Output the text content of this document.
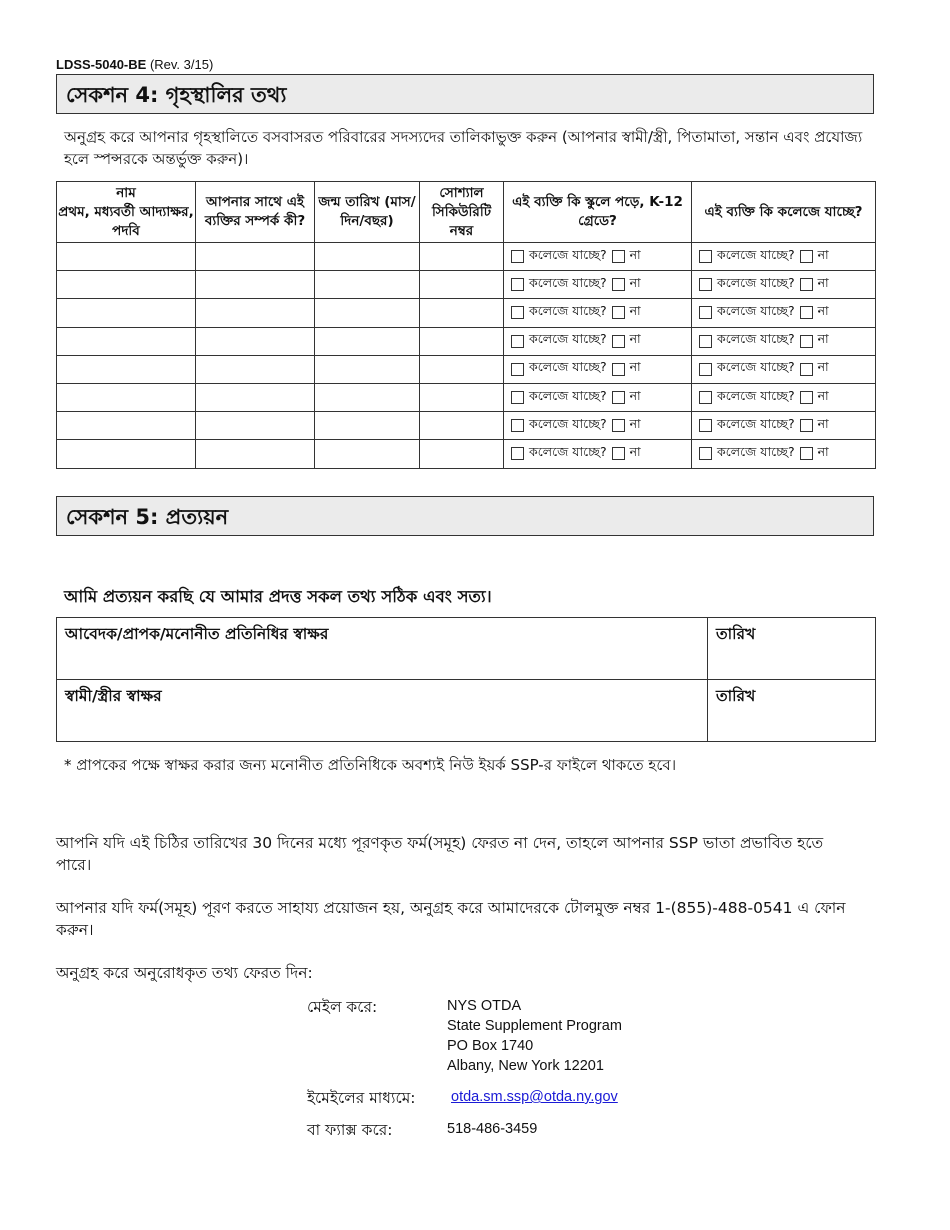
LDSS-5040-BE (Rev. 3/15)
সেকশন 4: গৃহস্থালির তথ্য
অনুগ্রহ করে আপনার গৃহস্থালিতে বসবাসরত পরিবারের সদস্যদের তালিকাভুক্ত করুন (আপনার স্বামী/স্ত্রী, পিতামাতা, সন্তান এবং প্রযোজ্য হলে স্পন্সরকে অন্তর্ভুক্ত করুন)।
নাম
প্রথম, মধ্যবর্তী আদ্যাক্ষর, পদবি	আপনার সাথে এই ব্যক্তির সম্পর্ক কী?	জন্ম তারিখ (মাস/দিন/বছর)	সোশ্যাল সিকিউরিটি নম্বর	এই ব্যক্তি কি স্কুলে পড়ে, K-12 গ্রেডে?	এই ব্যক্তি কি কলেজে যাচ্ছে?
				কলেজে যাচ্ছে? না	কলেজে যাচ্ছে? না
				কলেজে যাচ্ছে? না	কলেজে যাচ্ছে? না
				কলেজে যাচ্ছে? না	কলেজে যাচ্ছে? না
				কলেজে যাচ্ছে? না	কলেজে যাচ্ছে? না
				কলেজে যাচ্ছে? না	কলেজে যাচ্ছে? না
				কলেজে যাচ্ছে? না	কলেজে যাচ্ছে? না
				কলেজে যাচ্ছে? না	কলেজে যাচ্ছে? না
				কলেজে যাচ্ছে? না	কলেজে যাচ্ছে? না
সেকশন 5: প্রত্যয়ন
আমি প্রত্যয়ন করছি যে আমার প্রদত্ত সকল তথ্য সঠিক এবং সত্য।
আবেদক/প্রাপক/মনোনীত প্রতিনিধির স্বাক্ষর	তারিখ
স্বামী/স্ত্রীর স্বাক্ষর	তারিখ
* প্রাপকের পক্ষে স্বাক্ষর করার জন্য মনোনীত প্রতিনিধিকে অবশ্যই নিউ ইয়র্ক SSP-র ফাইলে থাকতে হবে।
আপনি যদি এই চিঠির তারিখের 30 দিনের মধ্যে পূরণকৃত ফর্ম(সমূহ) ফেরত না দেন, তাহলে আপনার SSP ভাতা প্রভাবিত হতে পারে।
আপনার যদি ফর্ম(সমূহ) পূরণ করতে সাহায্য প্রয়োজন হয়, অনুগ্রহ করে আমাদেরকে টোলমুক্ত নম্বর 1-(855)-488-0541 এ ফোন করুন।
অনুগ্রহ করে অনুরোধকৃত তথ্য ফেরত দিন:
মেইল করে:	NYS OTDA
State Supplement Program
PO Box 1740
Albany, New York 12201
ইমেইলের মাধ্যমে: otda.sm.ssp@otda.ny.gov
বা ফ্যাক্স করে:	518-486-3459
